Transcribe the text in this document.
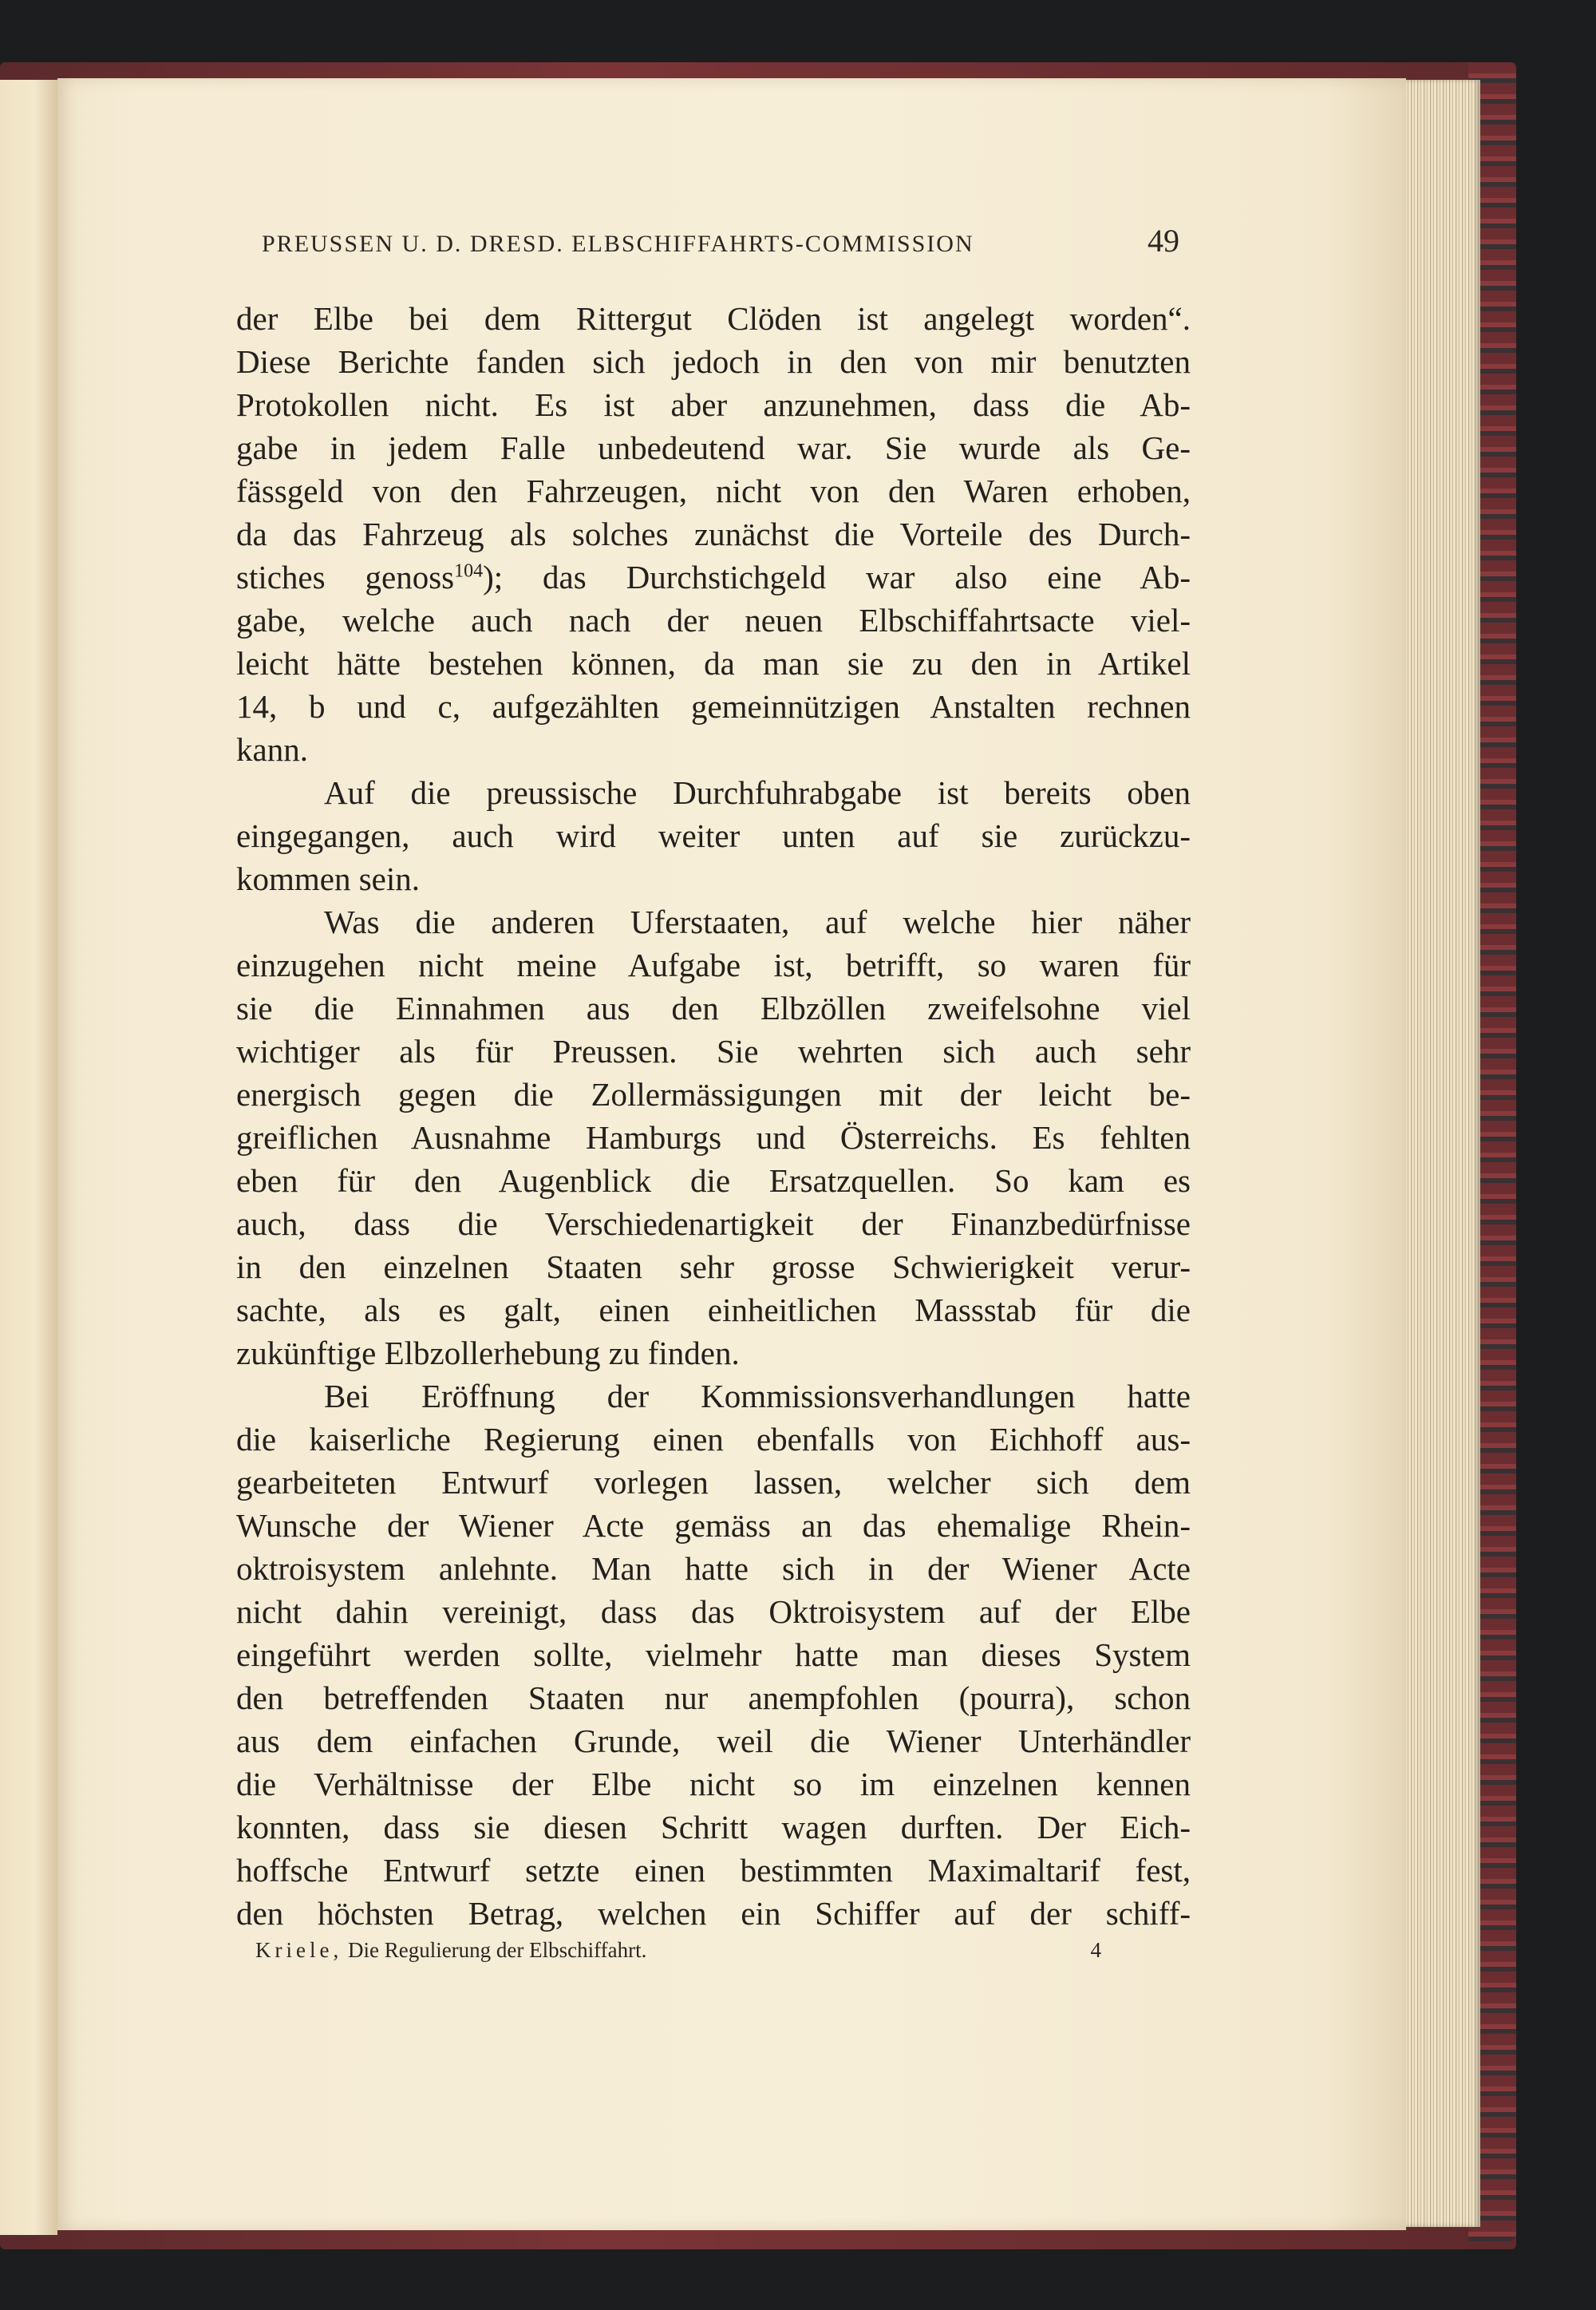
PREUSSEN U. D. DRESD. ELBSCHIFFAHRTS-COMMISSION	49
der Elbe bei dem Rittergut Clöden ist angelegt worden“.
Diese Berichte fanden sich jedoch in den von mir benutzten
Protokollen nicht. Es ist aber anzunehmen, dass die Ab-
gabe in jedem Falle unbedeutend war. Sie wurde als Ge-
fässgeld von den Fahrzeugen, nicht von den Waren erhoben,
da das Fahrzeug als solches zunächst die Vorteile des Durch-
stiches genoss$^{104}$); das Durchstichgeld war also eine Ab-
gabe, welche auch nach der neuen Elbschiffahrtsacte viel-
leicht hätte bestehen können, da man sie zu den in Artikel
14, b und c, aufgezählten gemeinnützigen Anstalten rechnen
kann.
Auf die preussische Durchfuhrabgabe ist bereits oben
eingegangen, auch wird weiter unten auf sie zurückzu-
kommen sein.
Was die anderen Uferstaaten, auf welche hier näher
einzugehen nicht meine Aufgabe ist, betrifft, so waren für
sie die Einnahmen aus den Elbzöllen zweifelsohne viel
wichtiger als für Preussen. Sie wehrten sich auch sehr
energisch gegen die Zollermässigungen mit der leicht be-
greiflichen Ausnahme Hamburgs und Österreichs. Es fehlten
eben für den Augenblick die Ersatzquellen. So kam es
auch, dass die Verschiedenartigkeit der Finanzbedürfnisse
in den einzelnen Staaten sehr grosse Schwierigkeit verur-
sachte, als es galt, einen einheitlichen Massstab für die
zukünftige Elbzollerhebung zu finden.
Bei Eröffnung der Kommissionsverhandlungen hatte
die kaiserliche Regierung einen ebenfalls von Eichhoff aus-
gearbeiteten Entwurf vorlegen lassen, welcher sich dem
Wunsche der Wiener Acte gemäss an das ehemalige Rhein-
oktroisystem anlehnte. Man hatte sich in der Wiener Acte
nicht dahin vereinigt, dass das Oktroisystem auf der Elbe
eingeführt werden sollte, vielmehr hatte man dieses System
den betreffenden Staaten nur anempfohlen (pourra), schon
aus dem einfachen Grunde, weil die Wiener Unterhändler
die Verhältnisse der Elbe nicht so im einzelnen kennen
konnten, dass sie diesen Schritt wagen durften. Der Eich-
hoffsche Entwurf setzte einen bestimmten Maximaltarif fest,
den höchsten Betrag, welchen ein Schiffer auf der schiff-
Kriele, Die Regulierung der Elbschiffahrt.	4
